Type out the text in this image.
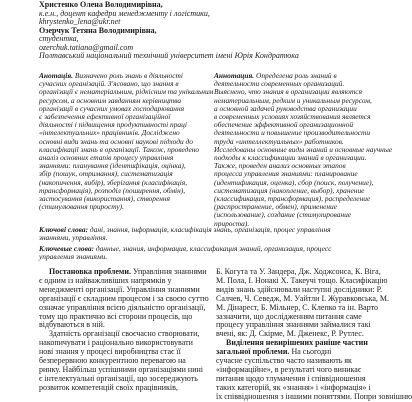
Христенко Олена Володимирівна,
к.е.н., доцент кафедри менеджменту і логістики,
khrystenko_lena@ukr.net
Озерчук Тетяна Володимирівна,
студентка,
ozerchuk.tatiana@gmail.com
Полтавський національний технічний університет імені Юрія Кондратюка
Анотація. Визначено роль знань в діяльності
сучасних організацій. З'ясовано, що знання в
організації є нематеріальним, рідкісним та унікальним
ресурсом, а основним завданням керівництва
організації в сучасних умовах господарювання
є забезпечення ефективної організаційної
діяльності і підвищення продуктивності праці
«інтелектуальних» працівників. Досліджено
основні види знань та основні наукові підходи до
класифікації знань в організації. Також, проведено
аналіз основних етапів процесу управління
знаннями: планування (ідентифікація, оцінка),
збір (пошук, отримання), систематизація
(накопичення, вибір), зберігання (класифікація,
трансформація), розподіл (поширення, обмін),
застосування (використання), створення
(стимулювання приросту).
Аннотация. Определена роль знаний в
деятельности современных организаций.
Выяснено, что знания в организации являются
нематериальным, редким и уникальным ресурсом,
а основной задачей руководства организации
в современных условиях хозяйствования является
обеспечение эффективной организационной
деятельности и повышение производительности
труда «интеллектуальных» работников.
Исследованы основные виды знаний и основные научные
подходы к классификации знаний в организации.
Также, проведен анализ основных этапов
процесса управления знаниями: планирование
(идентификация, оценка), сбор (поиск, получение),
систематизация (накопление, выбор), хранение
(классификация, трансформация), распределение
(распространение, обмен), применение
(использование), создание (стимулирование
прироста).
Ключові слова: дані, знання, інформація, класифікація знань, організація, процес управління
знаннями, управління.
Ключевые слова: данные, знания, информация, классификация знаний, организация, процесс
управления знаниями.
Постановка проблеми. Управління знаннями
є одним із найважливіших напрямків у
менеджменті організації. Управління знаннями
організації є складним процесом і за своєю суттю
означає управління всією діяльністю організації,
тому що практично всі сторони процесів, що
відбуваються в ній.
Здатність організації своєчасно створювати,
накопичувати і раціонально використовувати
нові знання у процесі виробництва стає її
безперервною конкурентною перевагою на
ринку. Найбільш успішними організаціями нині
є інтелектуальні організації, що зосереджують
розвиток компетенцій своїх працівників,
Б. Когута та У. Зандера, Дж. Ходжсонса, К. Віга,
М. Пола, І. Нонакі Х. Такеучі тощо. Класифікацію
видів знань здійснювали наступні дослідники: Р.
Салчев, Ч. Севедж, М. Уайтли І. Журавковська, М.
М. Дінарест, Б. Мільнер, С. Клепко та ін. Варто
зазначити, що дослідженням питання саме
процесу управління знаннями займалися такі
вчені, як: Д. Скірме, М. Дженекс, Р. Рутлес.
Виділення невирішених раніше частин
загальної проблеми. На сьогодні
сучасне суспільство часто називають як
«інформаційне», в результаті чого виникає
питання щодо тлумачення і співвідношення
таких категорій, як «знання» і «інформація» і
їх співвідношення з іншими поняттями. Попри зовнішню
